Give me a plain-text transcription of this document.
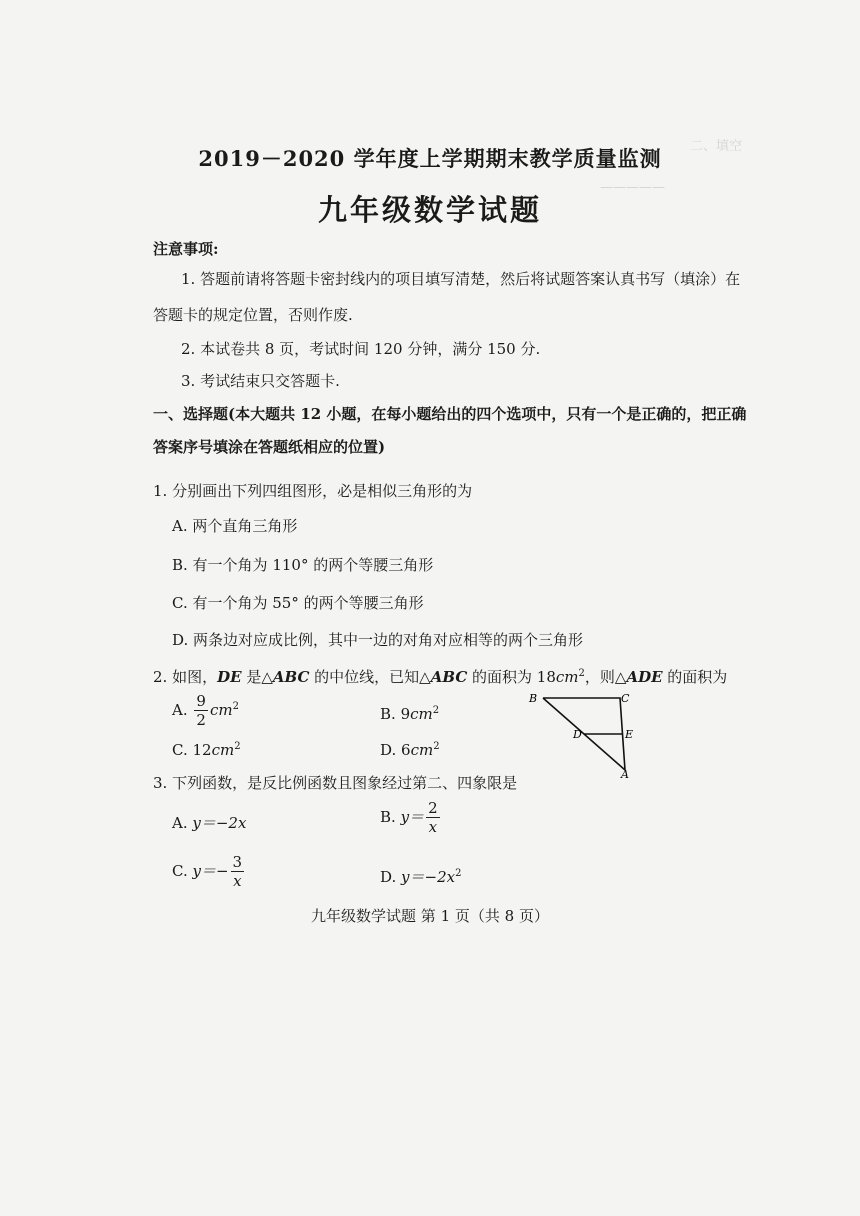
—————
二、填空
2019－2020 学年度上学期期末教学质量监测
九年级数学试题
注意事项:
1. 答题前请将答题卡密封线内的项目填写清楚，然后将试题答案认真书写（填涂）在
答题卡的规定位置，否则作废.
2. 本试卷共 8 页，考试时间 120 分钟，满分 150 分.
3. 考试结束只交答题卡.
一、选择题(本大题共 12 小题，在每小题给出的四个选项中，只有一个是正确的，把正确
答案序号填涂在答题纸相应的位置)
1. 分别画出下列四组图形，必是相似三角形的为
A. 两个直角三角形
B. 有一个角为 110° 的两个等腰三角形
C. 有一个角为 55° 的两个等腰三角形
D. 两条边对应成比例，其中一边的对角对应相等的两个三角形
2. 如图，DE 是△ABC 的中位线，已知△ABC 的面积为 $18cm^2$，则△ADE 的面积为
A. $\frac{9}{2} cm^2$	B. $9cm^2$
C. $12cm^2$	D. $6cm^2$
B	C
D	E
A
3. 下列函数，是反比例函数且图象经过第二、四象限是
A. y＝−2x	B. $y= \frac{2}{x}$
C. $y=- \frac{3}{x}$	D. $y=-2x^2$
九年级数学试题 第 1 页（共 8 页）
